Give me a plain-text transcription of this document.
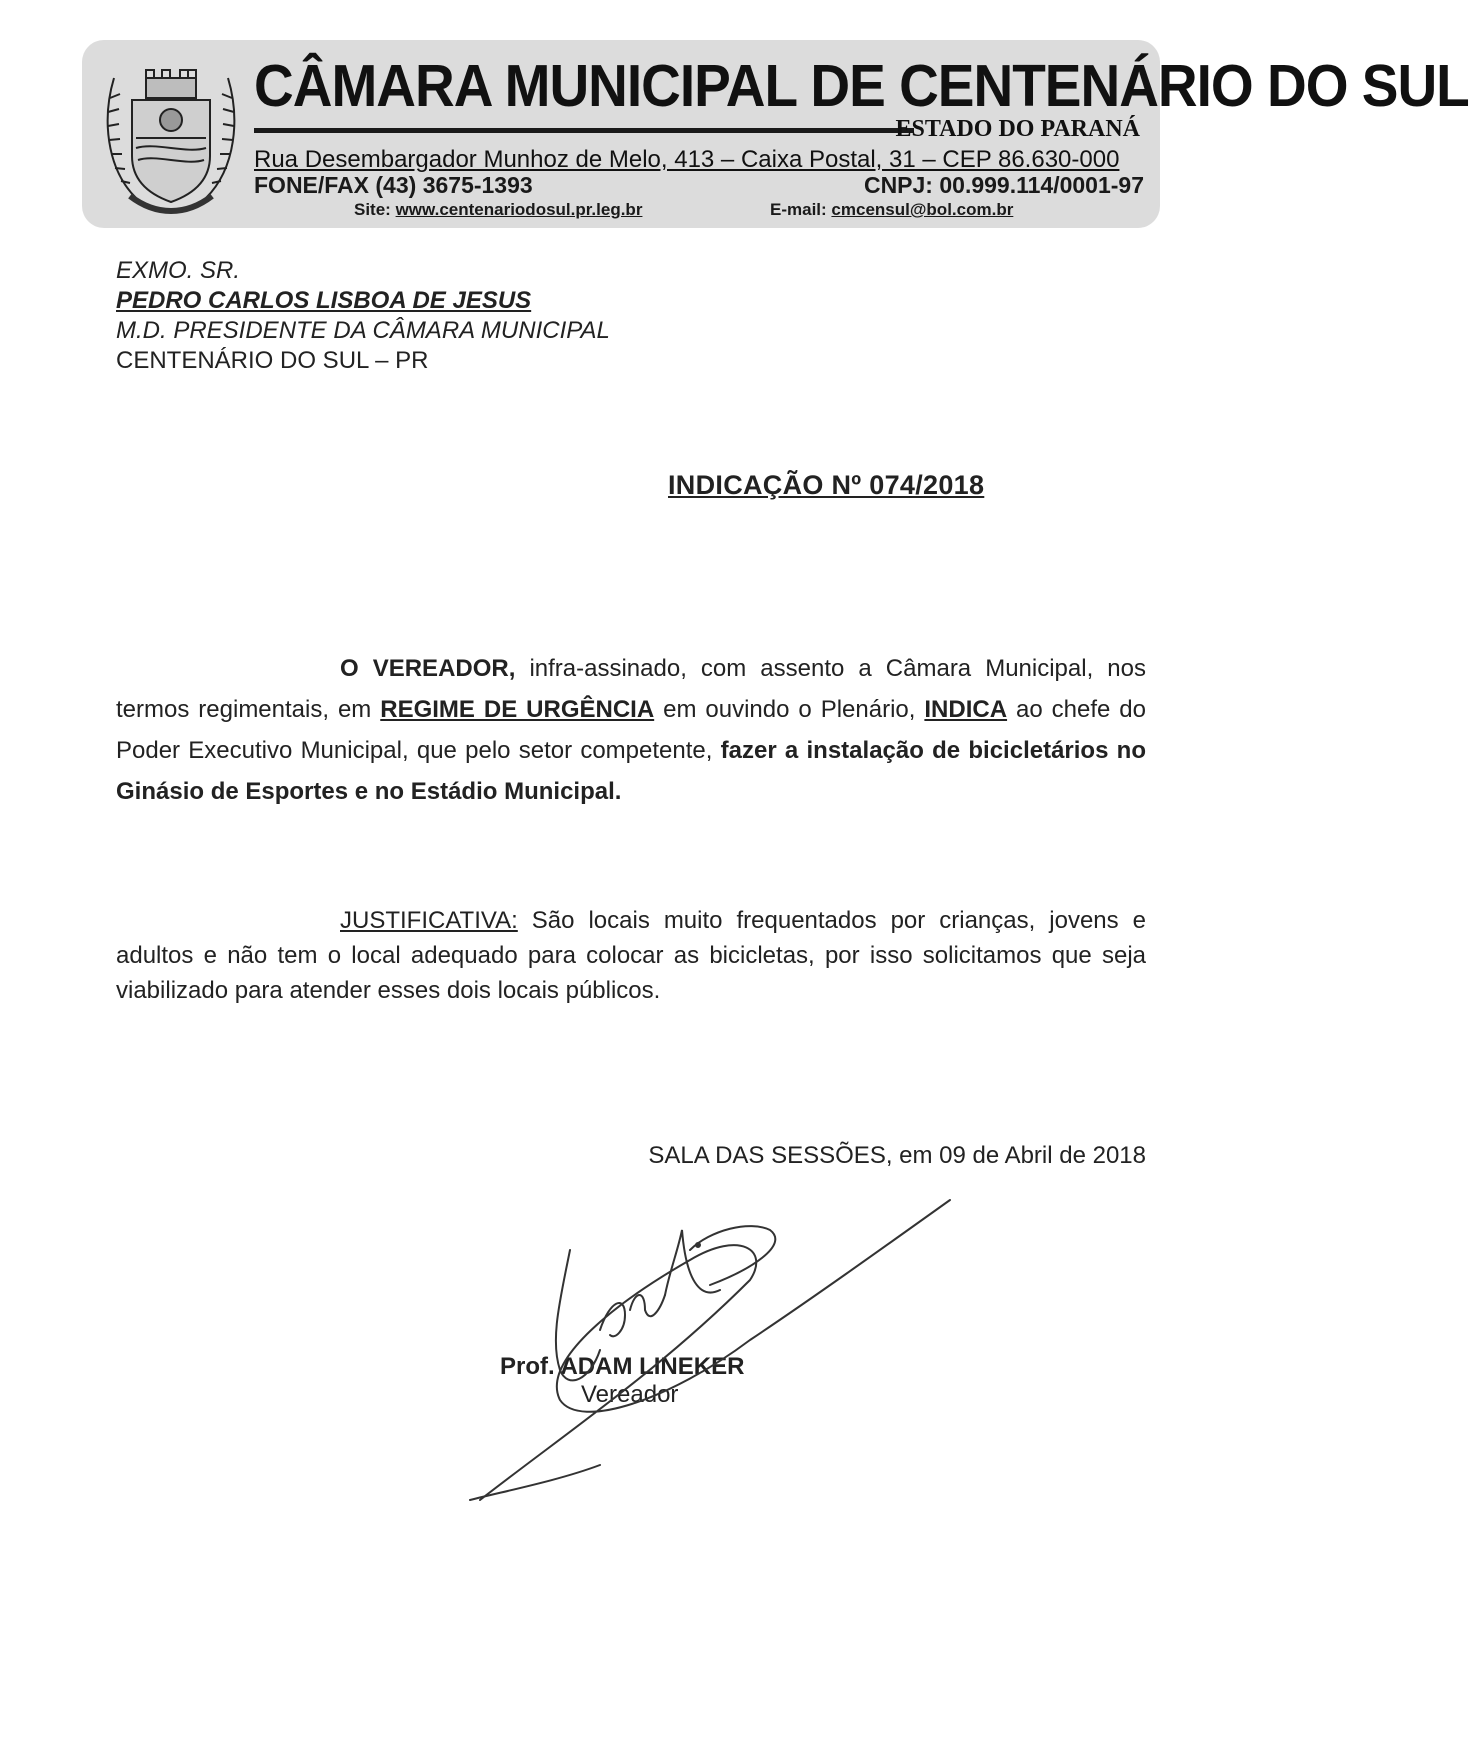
CÂMARA MUNICIPAL DE CENTENÁRIO DO SUL
ESTADO DO PARANÁ
Rua Desembargador Munhoz de Melo, 413 – Caixa Postal, 31 – CEP 86.630-000
FONE/FAX (43) 3675-1393	CNPJ: 00.999.114/0001-97
Site: www.centenariodosul.pr.leg.br	E-mail: cmcensul@bol.com.br
EXMO. SR.
PEDRO CARLOS LISBOA DE JESUS
M.D. PRESIDENTE DA CÂMARA MUNICIPAL
CENTENÁRIO DO SUL – PR
INDICAÇÃO Nº 074/2018
O VEREADOR, infra-assinado, com assento a Câmara Municipal, nos termos regimentais, em REGIME DE URGÊNCIA em ouvindo o Plenário, INDICA ao chefe do Poder Executivo Municipal, que pelo setor competente, fazer a instalação de bicicletários no Ginásio de Esportes e no Estádio Municipal.
JUSTIFICATIVA: São locais muito frequentados por crianças, jovens e adultos e não tem o local adequado para colocar as bicicletas, por isso solicitamos que seja viabilizado para atender esses dois locais públicos.
SALA DAS SESSÕES, em 09 de Abril de 2018
Prof. ADAM LINEKER
Vereador
